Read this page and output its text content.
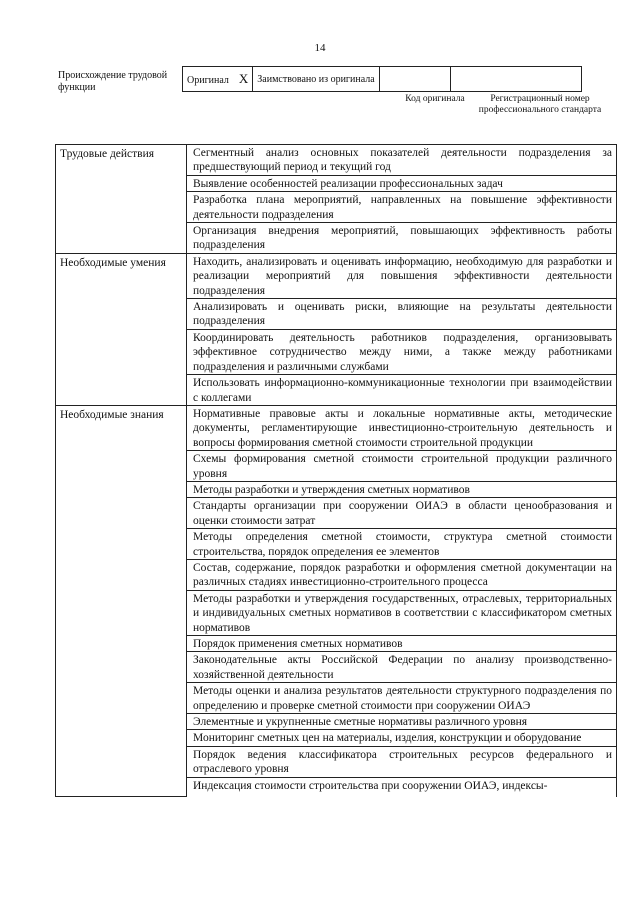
14
Происхождение трудовой функции
Оригинал X	Заимствовано из оригинала		
Код оригинала	Регистрационный номер профессионального стандарта
Трудовые действия	Сегментный анализ основных показателей деятельности подразделения за предшествующий период и текущий год
	Выявление особенностей реализации профессиональных задач
	Разработка плана мероприятий, направленных на повышение эффективности деятельности подразделения
	Организация внедрения мероприятий, повышающих эффективность работы подразделения
Необходимые умения	Находить, анализировать и оценивать информацию, необходимую для разработки и реализации мероприятий для повышения эффективности деятельности подразделения
	Анализировать и оценивать риски, влияющие на результаты деятельности подразделения
	Координировать деятельность работников подразделения, организовывать эффективное сотрудничество между ними, а также между работниками подразделения и различными службами
	Использовать информационно-коммуникационные технологии при взаимодействии с коллегами
Необходимые знания	Нормативные правовые акты и локальные нормативные акты, методические документы, регламентирующие инвестиционно-строительную деятельность и вопросы формирования сметной стоимости строительной продукции
	Схемы формирования сметной стоимости строительной продукции различного уровня
	Методы разработки и утверждения сметных нормативов
	Стандарты организации при сооружении ОИАЭ в области ценообразования и оценки стоимости затрат
	Методы определения сметной стоимости, структура сметной стоимости строительства, порядок определения ее элементов
	Состав, содержание, порядок разработки и оформления сметной документации на различных стадиях инвестиционно-строительного процесса
	Методы разработки и утверждения государственных, отраслевых, территориальных и индивидуальных сметных нормативов в соответствии с классификатором сметных нормативов
	Порядок применения сметных нормативов
	Законодательные акты Российской Федерации по анализу производственно-хозяйственной деятельности
	Методы оценки и анализа результатов деятельности структурного подразделения по определению и проверке сметной стоимости при сооружении ОИАЭ
	Элементные и укрупненные сметные нормативы различного уровня
	Мониторинг сметных цен на материалы, изделия, конструкции и оборудование
	Порядок ведения классификатора строительных ресурсов федерального и отраслевого уровня
	Индексация стоимости строительства при сооружении ОИАЭ, индексы-
